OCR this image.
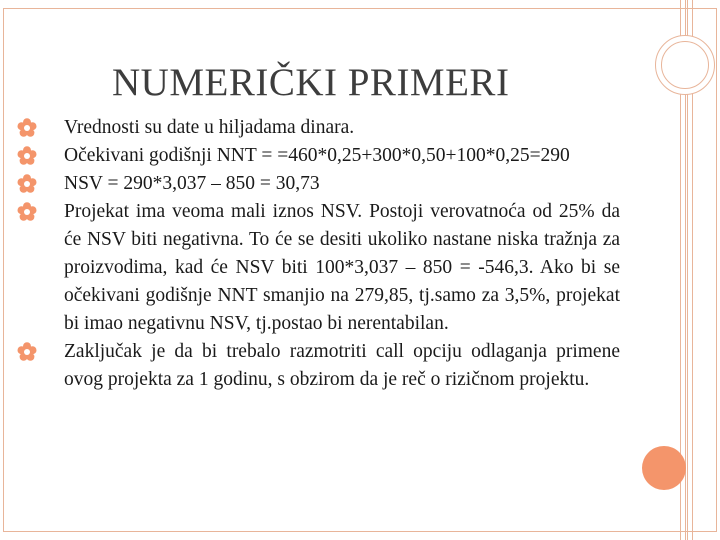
NUMERIČKI PRIMERI
Vrednosti su date u hiljadama dinara.
Očekivani godišnji NNT = =460*0,25+300*0,50+100*0,25=290
NSV = 290*3,037 – 850 = 30,73
Projekat ima veoma mali iznos NSV. Postoji verovatnoća od 25% da će NSV biti negativna. To će se desiti ukoliko nastane niska tražnja za proizvodima, kad će NSV biti 100*3,037 – 850 = -546,3. Ako bi se očekivani godišnje NNT smanjio na 279,85, tj.samo za 3,5%, projekat bi imao negativnu NSV, tj.postao bi nerentabilan.
Zaključak je da bi trebalo razmotriti call opciju odlaganja primene ovog projekta za 1 godinu, s obzirom da je reč o rizičnom projektu.
